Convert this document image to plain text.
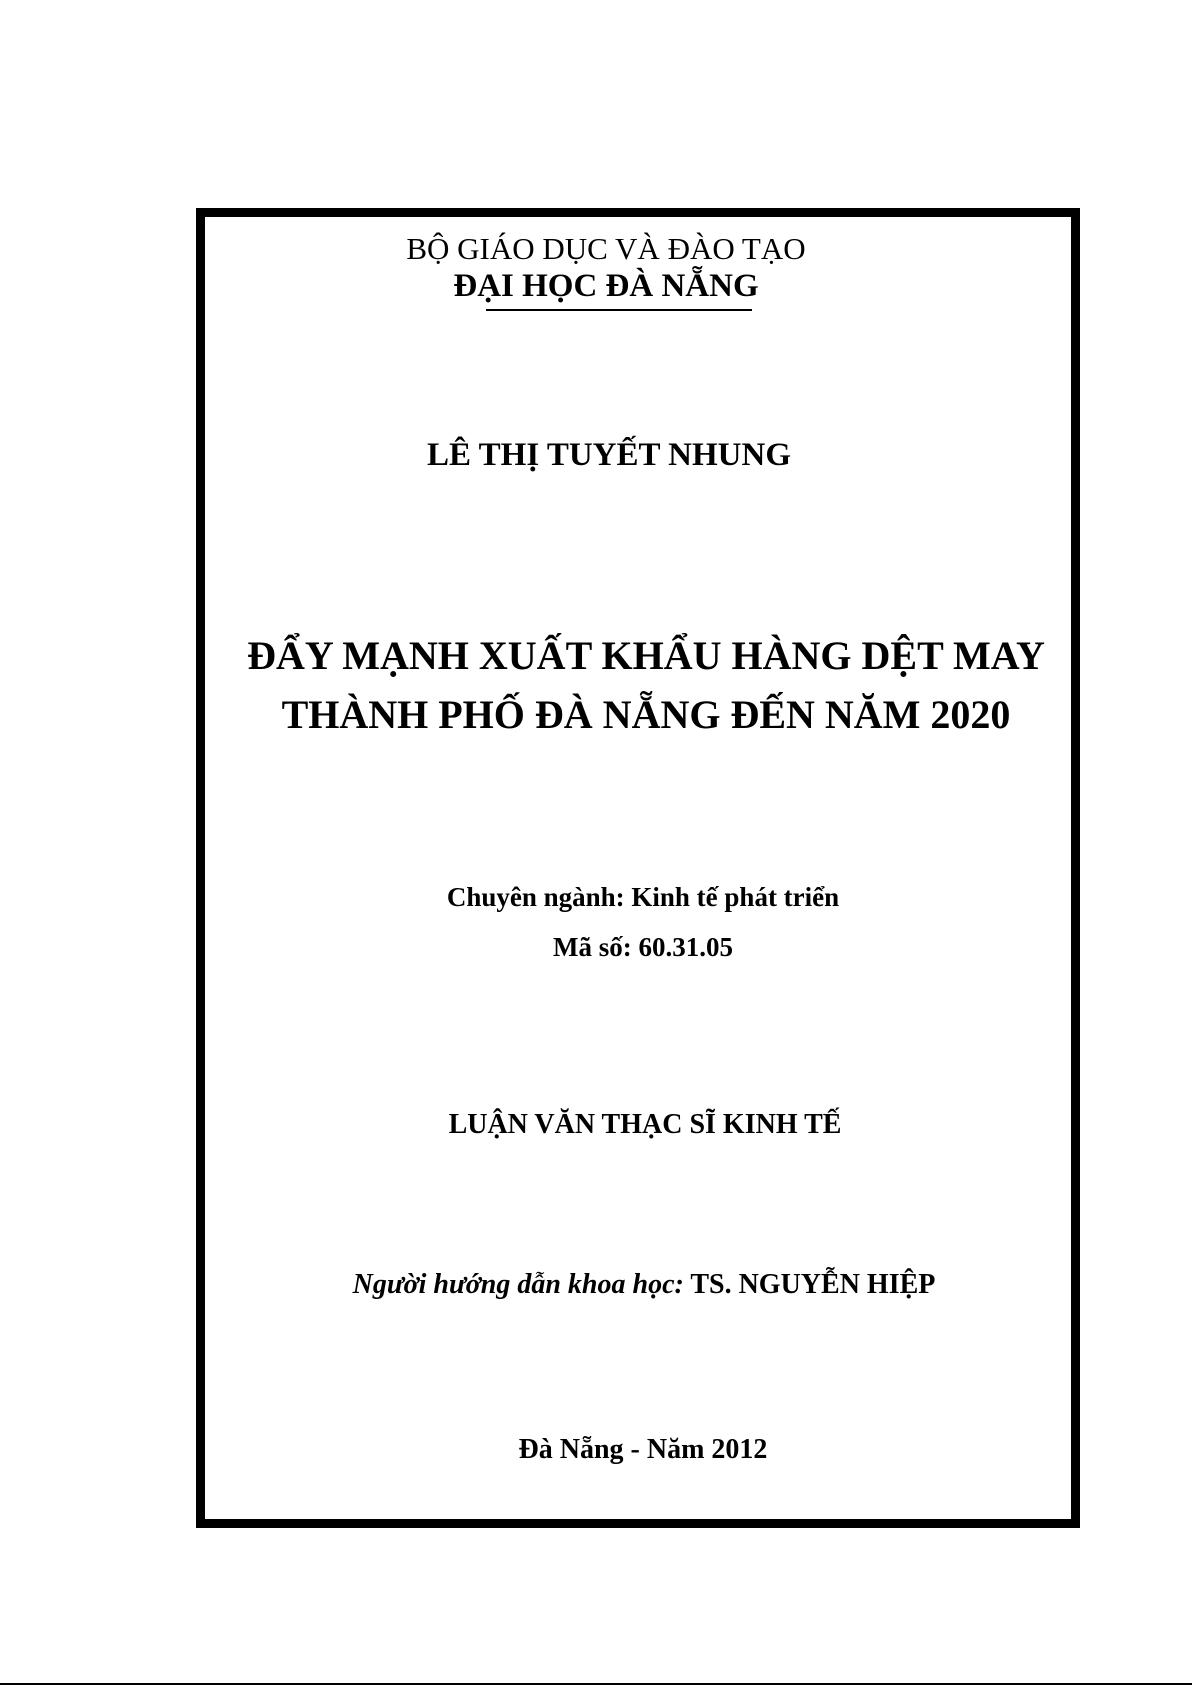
BỘ GIÁO DỤC VÀ ĐÀO TẠO
ĐẠI HỌC ĐÀ NẴNG
LÊ THỊ TUYẾT NHUNG
ĐẨY MẠNH XUẤT KHẨU HÀNG DỆT MAY
THÀNH PHỐ ĐÀ NẴNG ĐẾN NĂM 2020
Chuyên ngành: Kinh tế phát triển
Mã số: 60.31.05
LUẬN VĂN THẠC SĨ KINH TẾ
Người hướng dẫn khoa học: TS. NGUYỄN HIỆP
Đà Nẵng - Năm 2012
